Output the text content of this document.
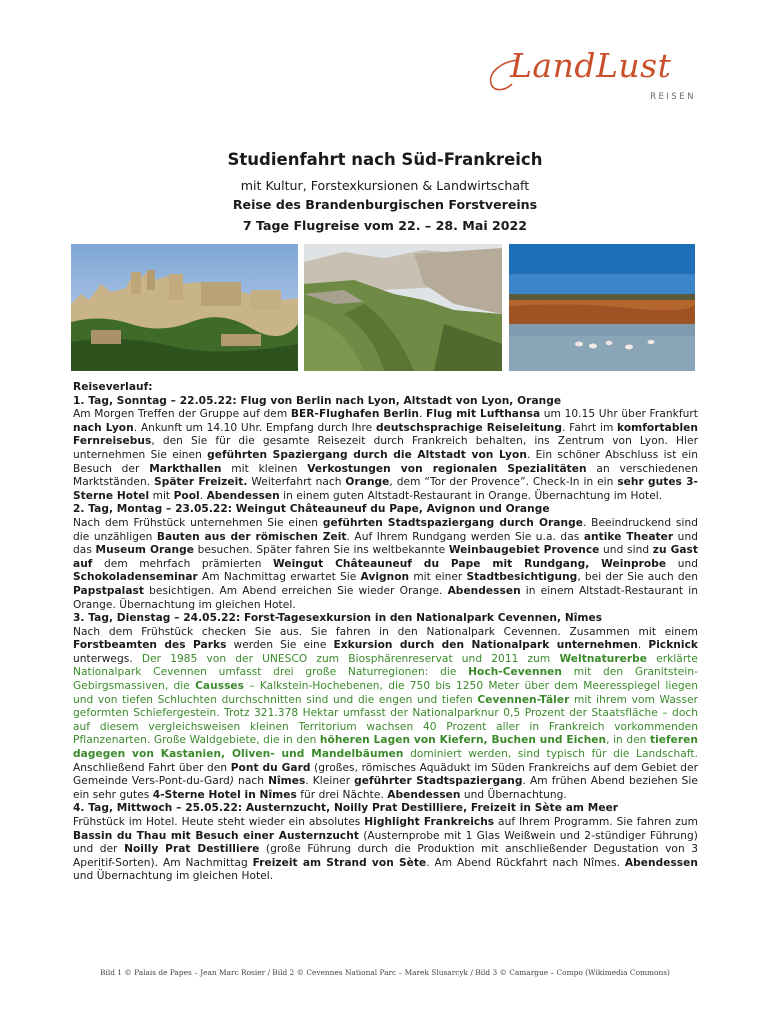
LandLust
REISEN
Studienfahrt nach Süd-Frankreich
mit Kultur, Forstexkursionen & Landwirtschaft
Reise des Brandenburgischen Forstvereins
7 Tage Flugreise vom 22. – 28. Mai 2022

Reiseverlauf:

1. Tag, Sonntag – 22.05.22: Flug von Berlin nach Lyon, Altstadt von Lyon, Orange

Am Morgen Treffen der Gruppe auf dem BER-Flughafen Berlin. Flug mit Lufthansa um 10.15 Uhr über Frankfurt nach Lyon. Ankunft um 14.10 Uhr. Empfang durch Ihre deutschsprachige Reiseleitung. Fahrt im komfortablen Fernreisebus, den Sie für die gesamte Reisezeit durch Frankreich behalten, ins Zentrum von Lyon. Hier unternehmen Sie einen geführten Spaziergang durch die Altstadt von Lyon. Ein schöner Abschluss ist ein Besuch der Markthallen mit kleinen Verkostungen von regionalen Spezialitäten an verschiedenen Marktständen. Später Freizeit. Weiterfahrt nach Orange, dem “Tor der Provence”. Check-In in ein sehr gutes 3-Sterne Hotel mit Pool. Abendessen in einem guten Altstadt-Restaurant in Orange. Übernachtung im Hotel.

2. Tag, Montag – 23.05.22: Weingut Châteauneuf du Pape, Avignon und Orange

Nach dem Frühstück unternehmen Sie einen geführten Stadtspaziergang durch Orange. Beeindruckend sind die unzähligen Bauten aus der römischen Zeit. Auf Ihrem Rundgang werden Sie u.a. das antike Theater und das Museum Orange besuchen. Später fahren Sie ins weltbekannte Weinbaugebiet Provence und sind zu Gast auf dem mehrfach prämierten Weingut Châteauneuf du Pape mit Rundgang, Weinprobe und Schokoladenseminar Am Nachmittag erwartet Sie Avignon mit einer Stadtbesichtigung, bei der Sie auch den Papstpalast besichtigen. Am Abend erreichen Sie wieder Orange. Abendessen in einem Altstadt-Restaurant in Orange. Übernachtung im gleichen Hotel.

3. Tag, Dienstag – 24.05.22: Forst-Tagesexkursion in den Nationalpark Cevennen, Nîmes

Nach dem Frühstück checken Sie aus. Sie fahren in den Nationalpark Cevennen. Zusammen mit einem Forstbeamten des Parks werden Sie eine Exkursion durch den Nationalpark unternehmen. Picknick unterwegs. Der 1985 von der UNESCO zum Biosphärenreservat und 2011 zum Weltnaturerbe erklärte Nationalpark Cevennen umfasst drei große Naturregionen: die Hoch-Cevennen mit den Granitstein-Gebirgsmassiven, die Causses – Kalkstein-Hochebenen, die 750 bis 1250 Meter über dem Meeresspiegel liegen und von tiefen Schluchten durchschnitten sind und die engen und tiefen Cevennen-Täler mit ihrem vom Wasser geformten Schiefergestein. Trotz 321.378 Hektar umfasst der Nationalparknur 0,5 Prozent der Staatsfläche – doch auf diesem vergleichsweisen kleinen Territorium wachsen 40 Prozent aller in Frankreich vorkommenden Pflanzenarten. Große Waldgebiete, die in den höheren Lagen von Kiefern, Buchen und Eichen, in den tieferen dagegen von Kastanien, Oliven- und Mandelbäumen dominiert werden, sind typisch für die Landschaft. Anschließend Fahrt über den Pont du Gard (großes, römisches Aquädukt im Süden Frankreichs auf dem Gebiet der Gemeinde Vers-Pont-du-Gard) nach Nîmes. Kleiner geführter Stadtspaziergang. Am frühen Abend beziehen Sie ein sehr gutes 4-Sterne Hotel in Nîmes für drei Nächte. Abendessen und Übernachtung.

4. Tag, Mittwoch – 25.05.22: Austernzucht, Noilly Prat Destilliere, Freizeit in Sète am Meer

Frühstück im Hotel. Heute steht wieder ein absolutes Highlight Frankreichs auf Ihrem Programm. Sie fahren zum Bassin du Thau mit Besuch einer Austernzucht (Austernprobe mit 1 Glas Weißwein und 2-stündiger Führung) und der Noilly Prat Destilliere (große Führung durch die Produktion mit anschließender Degustation von 3 Aperitif-Sorten). Am Nachmittag Freizeit am Strand von Sète. Am Abend Rückfahrt nach Nîmes. Abendessen und Übernachtung im gleichen Hotel.

Bild 1 © Palais de Papes – Jean Marc Rosier / Bild 2 © Cevennes National Parc – Marek Slusarcyk / Bild 3 © Camargue – Compo (Wikimedia Commons)
